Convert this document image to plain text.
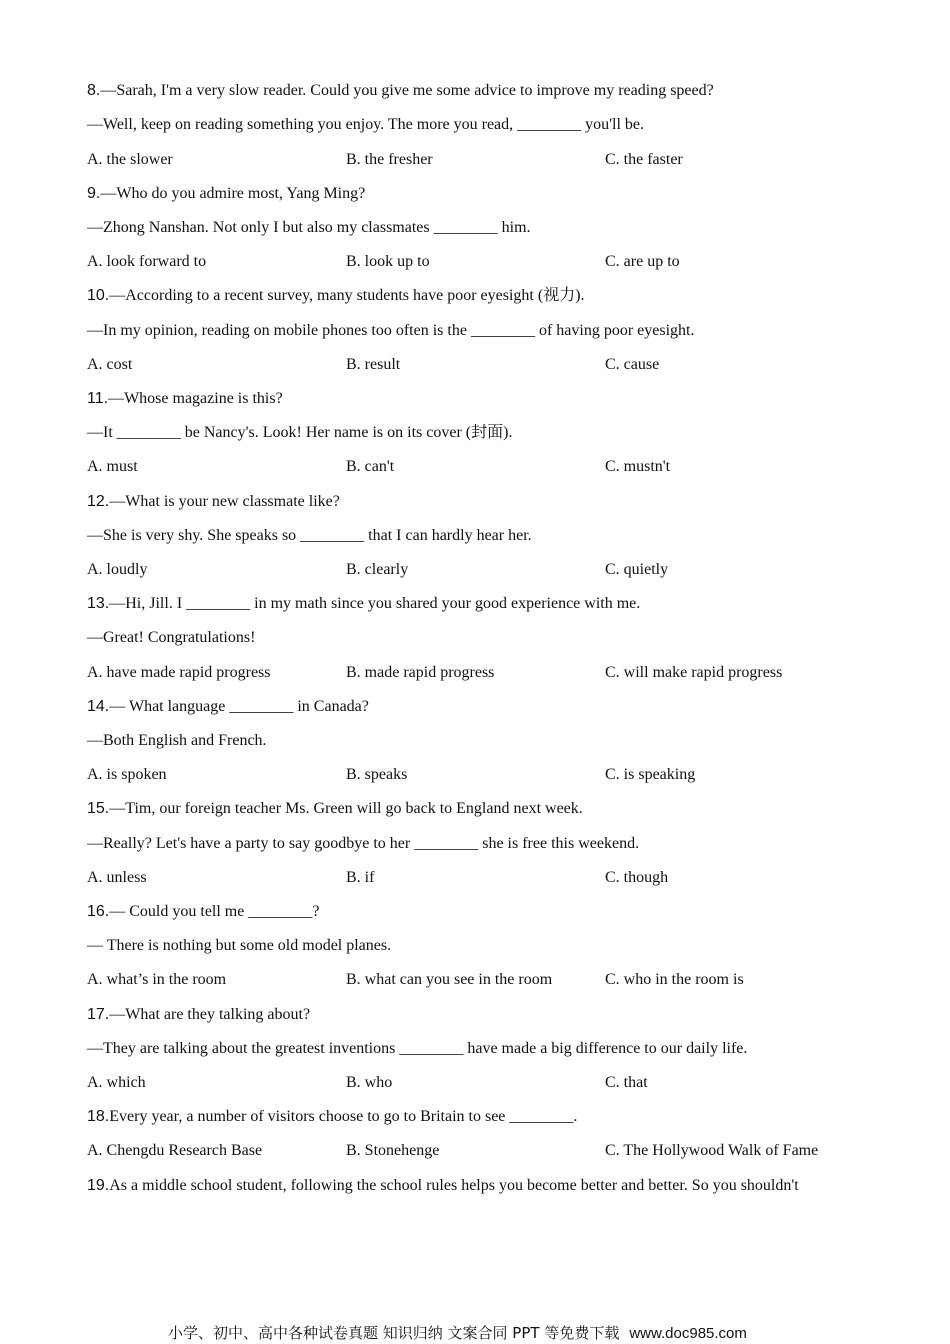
8.—Sarah, I'm a very slow reader. Could you give me some advice to improve my reading speed?
—Well, keep on reading something you enjoy. The more you read, ________ you'll be.
A. the slower	B. the fresher	C. the faster
9.—Who do you admire most, Yang Ming?
—Zhong Nanshan. Not only I but also my classmates ________ him.
A. look forward to	B. look up to	C. are up to
10.—According to a recent survey, many students have poor eyesight (视力).
—In my opinion, reading on mobile phones too often is the ________ of having poor eyesight.
A. cost	B. result	C. cause
11.—Whose magazine is this?
—It ________ be Nancy's. Look! Her name is on its cover (封面).
A. must	B. can't	C. mustn't
12.—What is your new classmate like?
—She is very shy. She speaks so ________ that I can hardly hear her.
A. loudly	B. clearly	C. quietly
13.—Hi, Jill. I ________ in my math since you shared your good experience with me.
—Great! Congratulations!
A. have made rapid progress	B. made rapid progress	C. will make rapid progress
14.— What language ________ in Canada?
—Both English and French.
A. is spoken	B. speaks	C. is speaking
15.—Tim, our foreign teacher Ms. Green will go back to England next week.
—Really? Let's have a party to say goodbye to her ________ she is free this weekend.
A. unless	B. if	C. though
16.— Could you tell me ________?
— There is nothing but some old model planes.
A. what’s in the room	B. what can you see in the room	C. who in the room is
17.—What are they talking about?
—They are talking about the greatest inventions ________ have made a big difference to our daily life.
A. which	B. who	C. that
18.Every year, a number of visitors choose to go to Britain to see ________.
A. Chengdu Research Base	B. Stonehenge	C. The Hollywood Walk of Fame
19.As a middle school student, following the school rules helps you become better and better. So you shouldn't
小学、初中、高中各种试卷真题 知识归纳 文案合同 PPT 等免费下载 www.doc985.com
